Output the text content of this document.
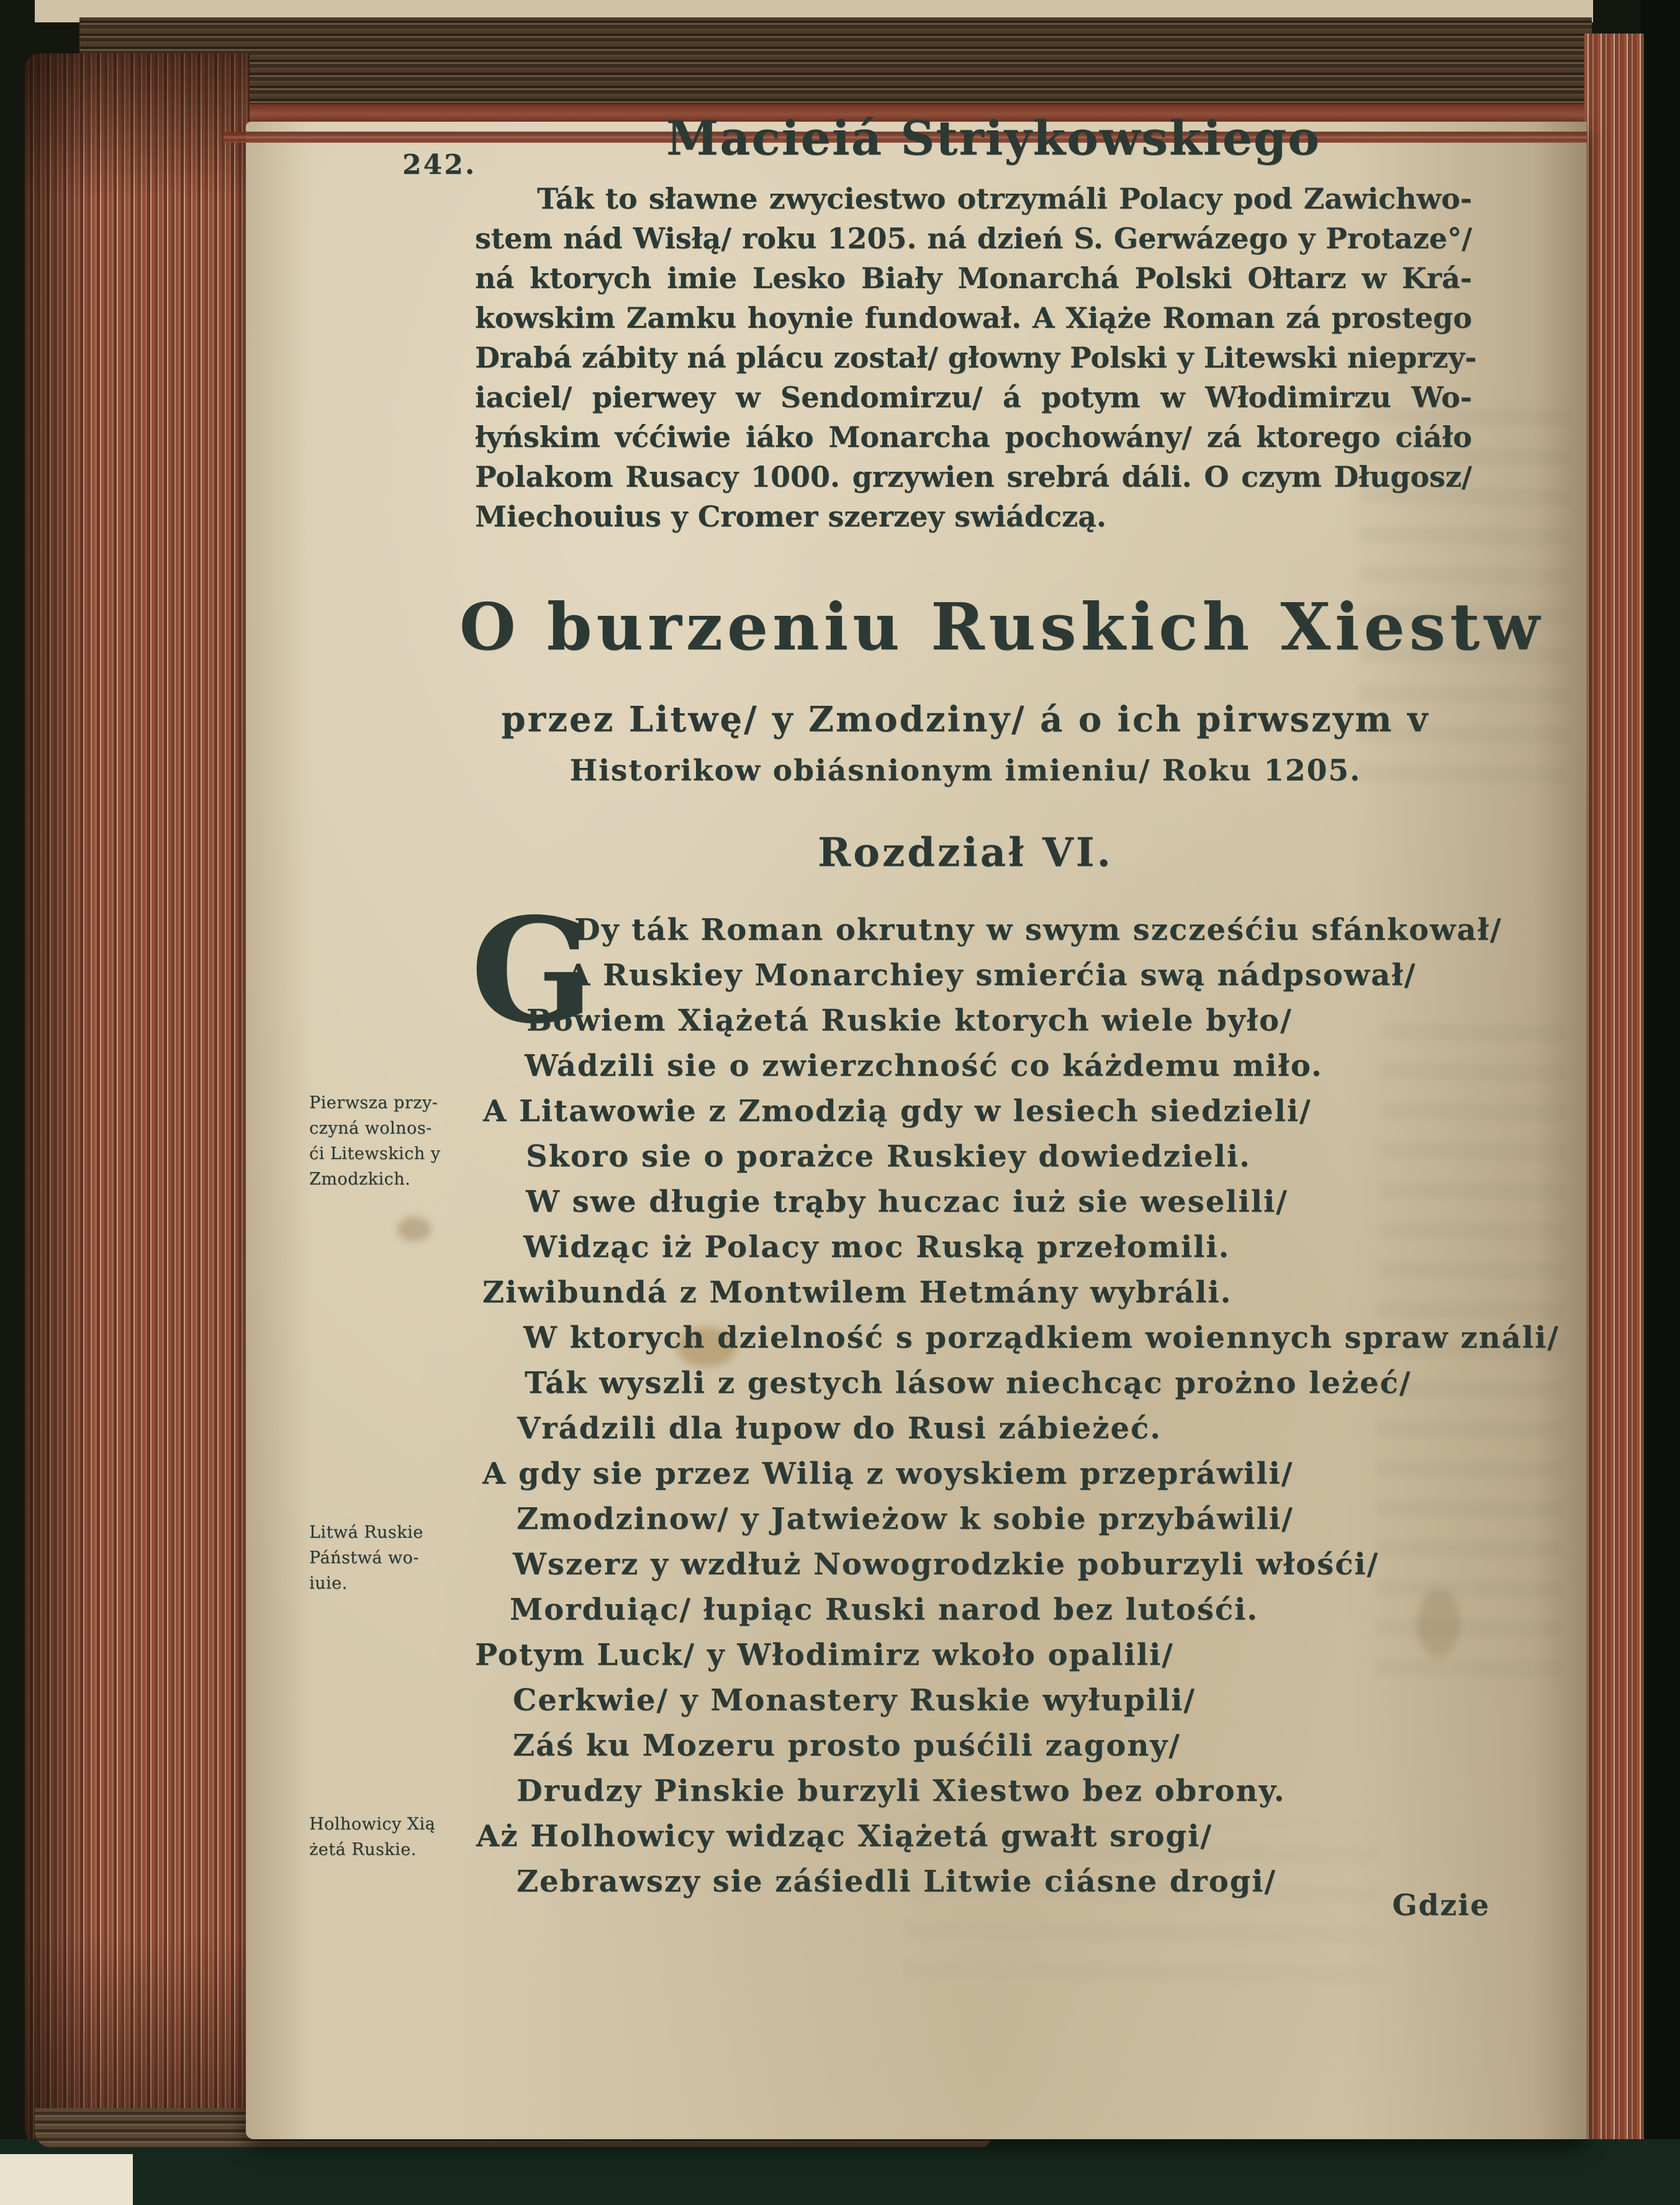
242.	Macieiá Striykowskiego
Ták to sławne zwyciestwo otrzymáli Polacy pod Zawichwo-
stem nád Wisłą/ roku 1205. ná dzień S. Gerwázego y Protaze°/
ná ktorych imie Lesko Biały Monarchá Polski Ołtarz w Krá-
kowskim Zamku hoynie fundował. A Xiąże Roman zá prostego
Drabá zábity ná plácu został/ głowny Polski y Litewski nieprzy-
iaciel/ pierwey w Sendomirzu/ á potym w Włodimirzu Wo-
łyńskim vććiwie iáko Monarcha pochowány/ zá ktorego ciáło
Polakom Rusacy 1000. grzywien srebrá dáli. O czym Długosz/
Miechouius y Cromer szerzey swiádczą.
O burzeniu Ruskich Xiestw
przez Litwę/ y Zmodziny/ á o ich pirwszym v
Historikow obiásnionym imieniu/ Roku 1205.
Rozdział VI.
G
Dy ták Roman okrutny w swym szcześćiu sfánkował/
A Ruskiey Monarchiey smierćia swą nádpsował/
Bowiem Xiążetá Ruskie ktorych wiele było/
Wádzili sie o zwierzchność co káżdemu miło.
A Litawowie z Zmodzią gdy w lesiech siedzieli/
Skoro sie o porażce Ruskiey dowiedzieli.
W swe długie trąby huczac iuż sie weselili/
Widząc iż Polacy moc Ruską przełomili.
Ziwibundá z Montwilem Hetmány wybráli.
W ktorych dzielność s porządkiem woiennych spraw ználi/
Ták wyszli z gestych lásow niechcąc prożno leżeć/
Vrádzili dla łupow do Rusi zábieżeć.
A gdy sie przez Wilią z woyskiem przepráwili/
Zmodzinow/ y Jatwieżow k sobie przybáwili/
Wszerz y wzdłuż Nowogrodzkie poburzyli włośći/
Morduiąc/ łupiąc Ruski narod bez lutośći.
Potym Luck/ y Włodimirz wkoło opalili/
Cerkwie/ y Monastery Ruskie wyłupili/
Záś ku Mozeru prosto puśćili zagony/
Drudzy Pinskie burzyli Xiestwo bez obrony.
Aż Holhowicy widząc Xiążetá gwałt srogi/
Zebrawszy sie záśiedli Litwie ciásne drogi/
Pierwsza przy-
czyná wolnos-
ći Litewskich y
Zmodzkich.
Litwá Ruskie
Páństwá wo-
iuie.
Holhowicy Xią
żetá Ruskie.
Gdzie
